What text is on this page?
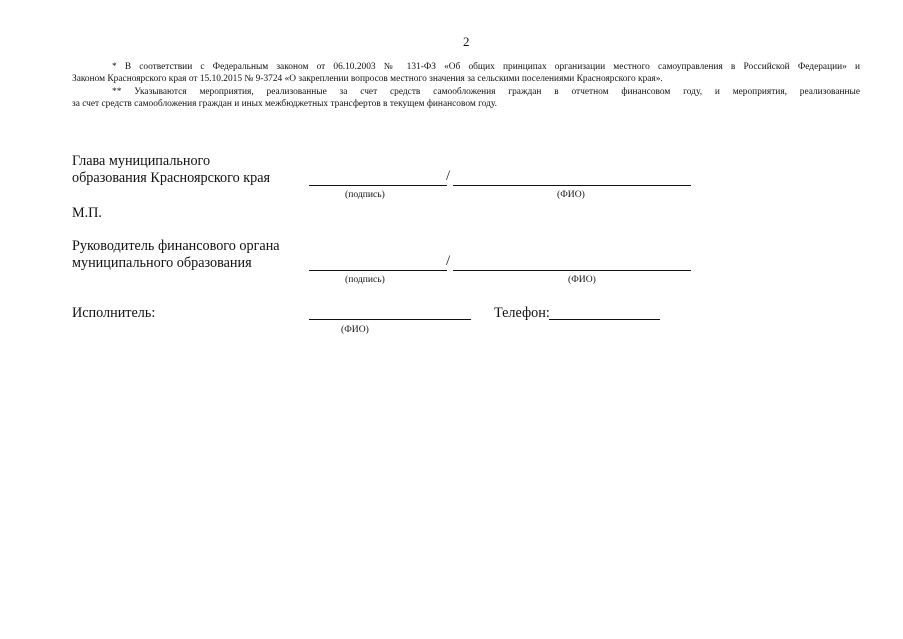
2
* В соответствии с Федеральным законом от 06.10.2003 № 131-ФЗ «Об общих принципах организации местного самоуправления в Российской Федерации» и
Законом Красноярского края от 15.10.2015 № 9-3724 «О закреплении вопросов местного значения за сельскими поселениями Красноярского края».
** Указываются мероприятия, реализованные за счет средств самообложения граждан в отчетном финансовом году, и мероприятия, реализованные
за счет средств самообложения граждан и иных межбюджетных трансфертов в текущем финансовом году.
Глава муниципального
образования Красноярского края	/
(подпись)	(ФИО)
М.П.
Руководитель финансового органа
муниципального образования	/
(подпись)	(ФИО)
Исполнитель:
(ФИО)
Телефон:
